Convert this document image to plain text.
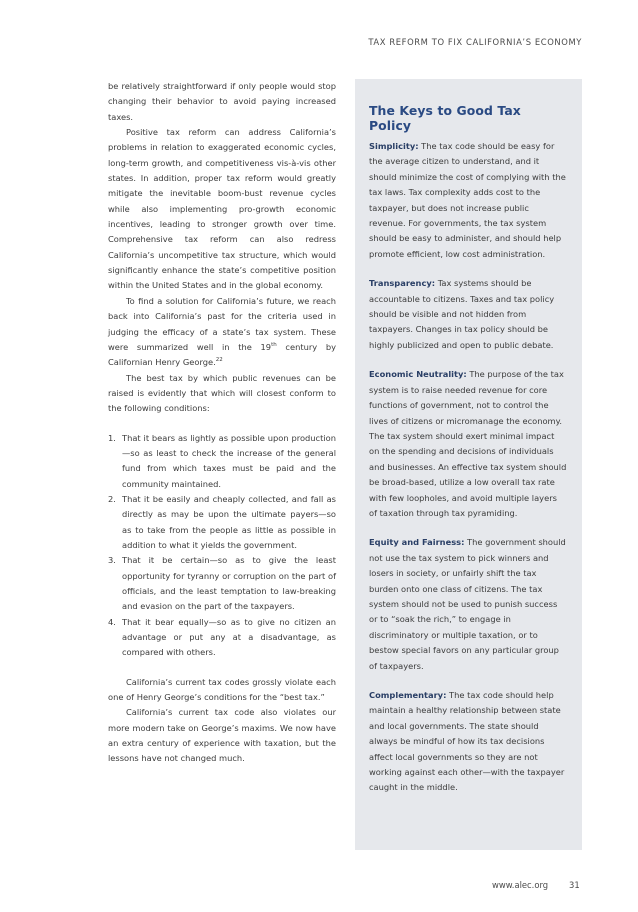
TAX REFORM TO FIX CALIFORNIA’S ECONOMY

be relatively straightforward if only people would stop changing their behavior to avoid paying increased taxes.

Positive tax reform can address California’s problems in relation to exaggerated economic cycles, long-term growth, and competitiveness vis-à-vis other states. In addition, proper tax reform would greatly mitigate the inevitable boom-bust revenue cycles while also implementing pro-growth economic incentives, leading to stronger growth over time. Comprehensive tax reform can also redress California’s uncompetitive tax structure, which would significantly enhance the state’s competitive position within the United States and in the global economy.

To find a solution for California’s future, we reach back into California’s past for the criteria used in judging the efficacy of a state’s tax system. These were summarized well in the 19th century by Californian Henry George.$^{22}$

The best tax by which public revenues can be raised is evidently that which will closest conform to the following conditions:

1. That it bears as lightly as possible upon production—so as least to check the increase of the general fund from which taxes must be paid and the community maintained.
2. That it be easily and cheaply collected, and fall as directly as may be upon the ultimate payers—so as to take from the people as little as possible in addition to what it yields the government.
3. That it be certain—so as to give the least opportunity for tyranny or corruption on the part of officials, and the least temptation to law-breaking and evasion on the part of the taxpayers.
4. That it bear equally—so as to give no citizen an advantage or put any at a disadvantage, as compared with others.

California’s current tax codes grossly violate each one of Henry George’s conditions for the “best tax.”

California’s current tax code also violates our more modern take on George’s maxims. We now have an extra century of experience with taxation, but the lessons have not changed much.

The Keys to Good Tax Policy
Simplicity: The tax code should be easy for the average citizen to understand, and it should minimize the cost of complying with the tax laws. Tax complexity adds cost to the taxpayer, but does not increase public revenue. For governments, the tax system should be easy to administer, and should help promote efficient, low cost administration.
Transparency: Tax systems should be accountable to citizens. Taxes and tax policy should be visible and not hidden from taxpayers. Changes in tax policy should be highly publicized and open to public debate.
Economic Neutrality: The purpose of the tax system is to raise needed revenue for core functions of government, not to control the lives of citizens or micromanage the economy. The tax system should exert minimal impact on the spending and decisions of individuals and businesses. An effective tax system should be broad-based, utilize a low overall tax rate with few loopholes, and avoid multiple layers of taxation through tax pyramiding.
Equity and Fairness: The government should not use the tax system to pick winners and losers in society, or unfairly shift the tax burden onto one class of citizens. The tax system should not be used to punish success or to “soak the rich,” to engage in discriminatory or multiple taxation, or to bestow special favors on any particular group of taxpayers.
Complementary: The tax code should help maintain a healthy relationship between state and local governments. The state should always be mindful of how its tax decisions affect local governments so they are not working against each other—with the taxpayer caught in the middle.
www.alec.org 31
